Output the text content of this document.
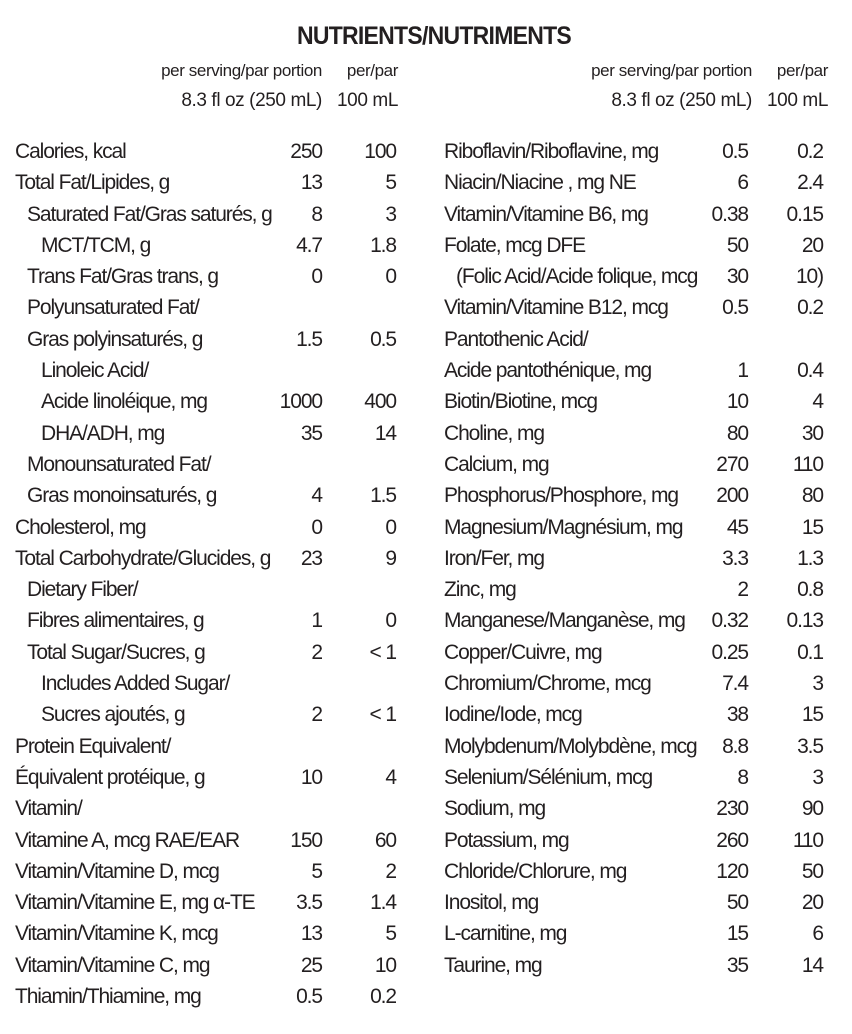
NUTRIENTS/NUTRIMENTS
per serving/par portion
8.3 fl oz (250 mL)
per/par
100 mL
per serving/par portion
8.3 fl oz (250 mL)
per/par
100 mL
Calories, kcal	250 100
Total Fat/Lipides, g	13	5
Saturated Fat/Gras saturés, g 8	3
MCT/TCM, g	4.7 1.8
Trans Fat/Gras trans, g	0	0
Polyunsaturated Fat/
Gras polyinsaturés, g	1.5 0.5
Linoleic Acid/
Acide linoléique, mg	1000 400
DHA/ADH, mg	35	14
Monounsaturated Fat/
Gras monoinsaturés, g	4 1.5
Cholesterol, mg	0	0
Total Carbohydrate/Glucides, g 23	9
Dietary Fiber/
Fibres alimentaires, g	1	0
Total Sugar/Sucres, g	2 < 1
Includes Added Sugar/
Sucres ajoutés, g	2 < 1
Protein Equivalent/
Équivalent protéique, g	10	4
Vitamin/
Vitamine A, mcg RAE/EAR 150	60
Vitamin/Vitamine D, mcg	5	2
Vitamin/Vitamine E, mg α-TE 3.5 1.4
Vitamin/Vitamine K, mcg	13	5
Vitamin/Vitamine C, mg	25	10
Thiamin/Thiamine, mg	0.5 0.2
Riboflavin/Riboflavine, mg	0.5 0.2
Niacin/Niacine , mg NE	6 2.4
Vitamin/Vitamine B6, mg	0.38 0.15
Folate, mcg DFE	50	20
(Folic Acid/Acide folique, mcg 30 10)
Vitamin/Vitamine B12, mcg	0.5 0.2
Pantothenic Acid/
Acide pantothénique, mg	1 0.4
Biotin/Biotine, mcg	10	4
Choline, mg	80	30
Calcium, mg	270 110
Phosphorus/Phosphore, mg 200	80
Magnesium/Magnésium, mg 45	15
Iron/Fer, mg	3.3 1.3
Zinc, mg	2 0.8
Manganese/Manganèse, mg 0.32 0.13
Copper/Cuivre, mg	0.25 0.1
Chromium/Chrome, mcg	7.4	3
Iodine/Iode, mcg	38	15
Molybdenum/Molybdène, mcg 8.8 3.5
Selenium/Sélénium, mcg	8	3
Sodium, mg	230	90
Potassium, mg	260 110
Chloride/Chlorure, mg	120	50
Inositol, mg	50	20
L-carnitine, mg	15	6
Taurine, mg	35	14
